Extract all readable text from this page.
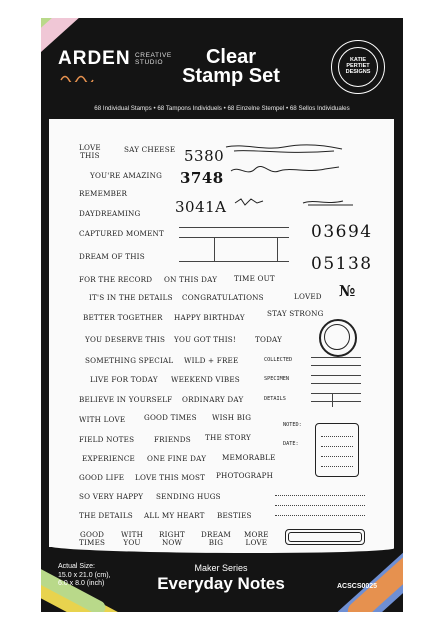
ARDEN CREATIVE STUDIO	Clear
Stamp Set
KATIE
PERTIET
DESIGNS
68 Individual Stamps • 68 Tampons Individuels • 68 Einzelne Stempel • 68 Sellos Individuales
LOVE
THIS
SAY CHEESE 5380
YOU'RE AMAZING 3748
REMEMBER
DAYDREAMING 3041A
CAPTURED MOMENT	03694
05138
DREAM OF THIS
FOR THE RECORD ON THIS DAY TIME OUT
№
IT'S IN THE DETAILS CONGRATULATIONS	LOVED
BETTER TOGETHER HAPPY BIRTHDAY	STAY STRONG
YOU DESERVE THIS YOU GOT THIS!	TODAY
SOMETHING SPECIAL WILD + FREE	COLLECTED
LIVE FOR TODAY WEEKEND VIBES	SPECIMEN
BELIEVE IN YOURSELF ORDINARY DAY	DETAILS
WITH LOVE	GOOD TIMES WISH BIG
NOTED:
DATE:
FIELD NOTES	FRIENDS THE STORY
EXPERIENCE ONE FINE DAY MEMORABLE
GOOD LIFE LOVE THIS MOST PHOTOGRAPH
SO VERY HAPPY SENDING HUGS
THE DETAILS ALL MY HEART BESTIES
GOOD
TIMES
WITH
YOU
RIGHT
NOW
DREAM
BIG
MORE
LOVE
Actual Size:
15.0 x 21.0 (cm),
6.0 x 8.0 (inch)
Maker Series
Everyday Notes	ACSCS0025
